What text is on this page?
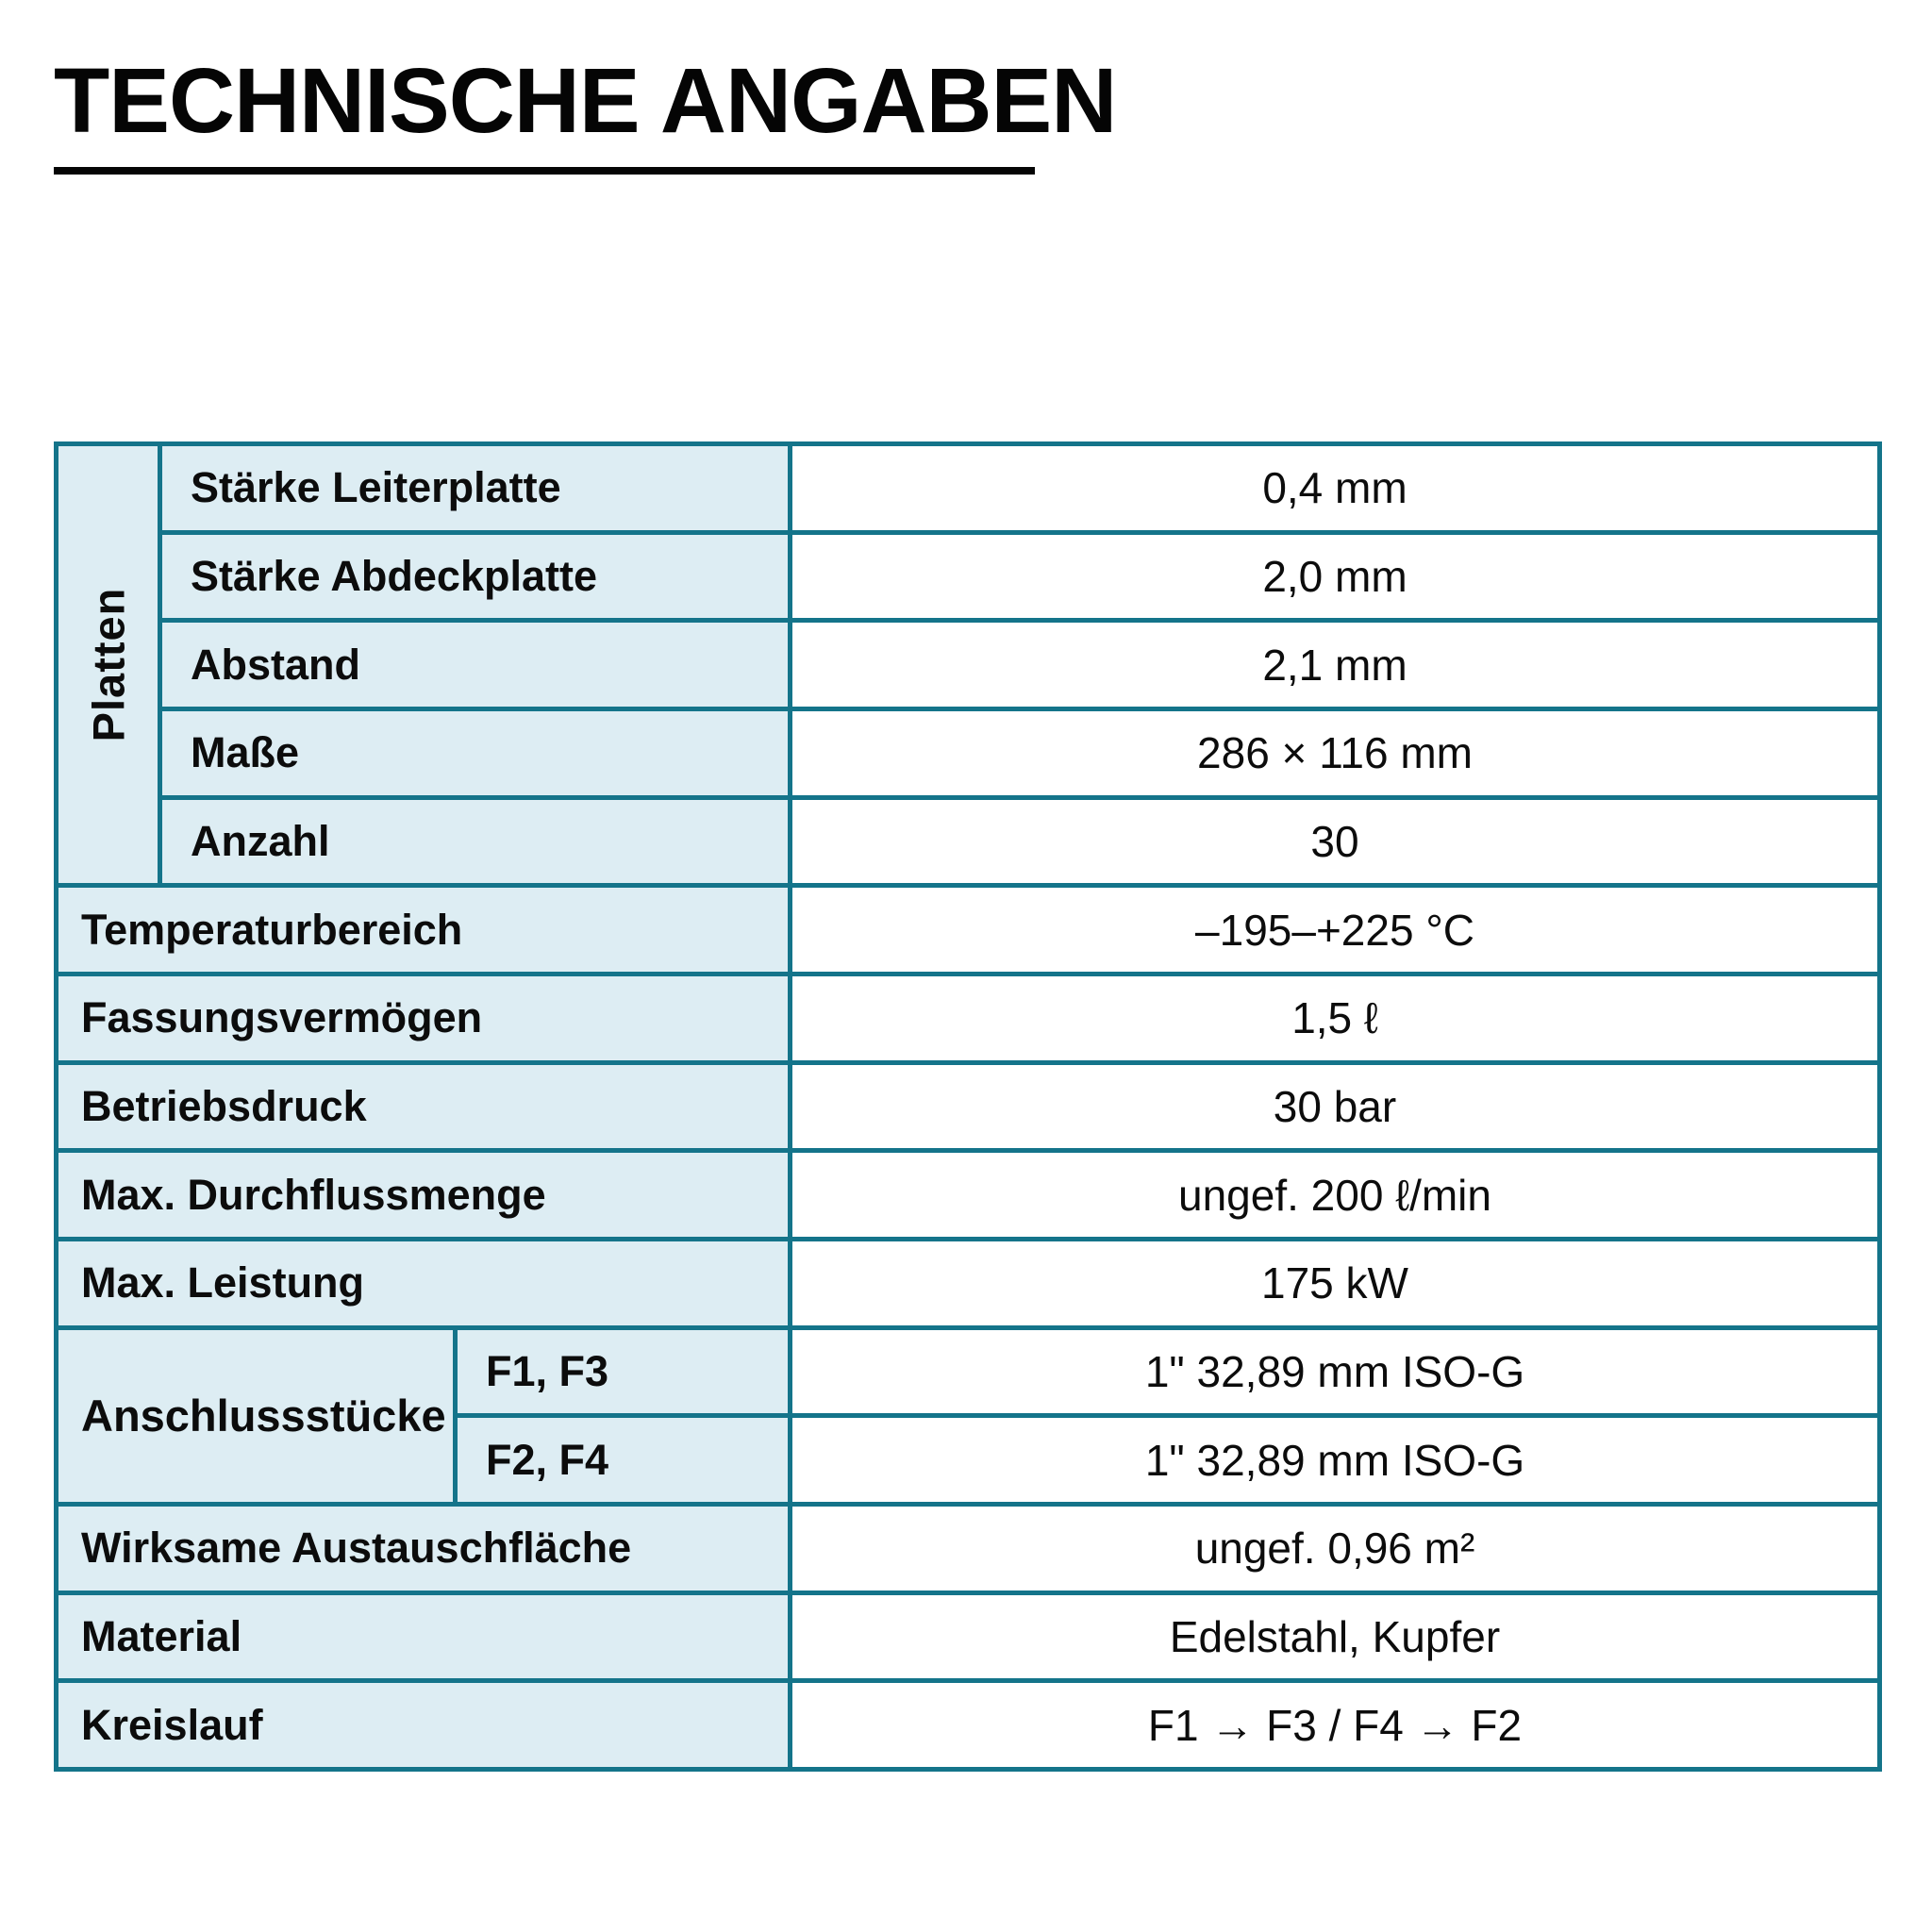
TECHNISCHE ANGABEN
Platten
Stärke Leiterplatte	0,4 mm
Stärke Abdeckplatte	2,0 mm
Abstand	2,1 mm
Maße	286 × 116 mm
Anzahl	30
Temperaturbereich	–195–+225 °C
Fassungsvermögen	1,5 ℓ
Betriebsdruck	30 bar
Max. Durchflussmenge	ungef. 200 ℓ/min
Max. Leistung	175 kW
Anschlussstücke
F1, F3	1" 32,89 mm ISO-G
F2, F4	1" 32,89 mm ISO-G
Wirksame Austauschfläche	ungef. 0,96 m²
Material	Edelstahl, Kupfer
Kreislauf	F1 → F3 / F4 → F2
